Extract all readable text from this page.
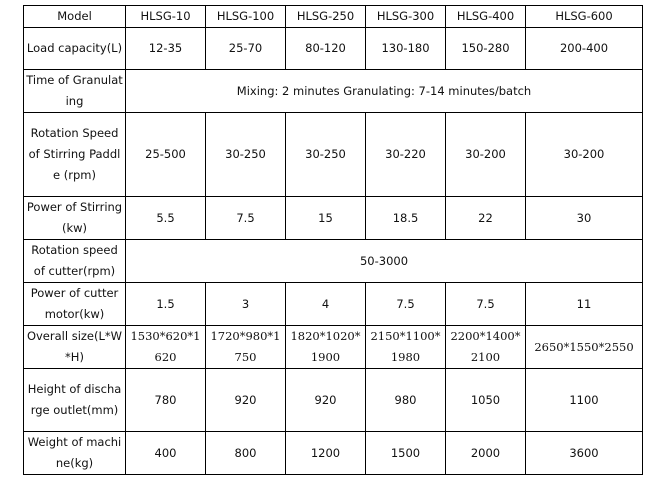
Model	HLSG-10	HLSG-100	HLSG-250	HLSG-300	HLSG-400	HLSG-600
Load capacity(L)	12-35	25-70	80-120	130-180	150-280	200-400
Time of Granulating	Mixing: 2 minutes Granulating: 7-14 minutes/batch					
Rotation Speed of Stirring Paddle (rpm)	25-500	30-250	30-250	30-220	30-200	30-200
Power of Stirring(kw)	5.5	7.5	15	18.5	22	30
Rotation speed of cutter(rpm)	50-3000					
Power of cutter motor(kw)	1.5	3	4	7.5	7.5	11
Overall size(L*W*H)	1530*620*1620	1720*980*1750	1820*1020*1900	2150*1100*1980	2200*1400*2100	2650*1550*2550
Height of discharge outlet(mm)	780	920	920	980	1050	1100
Weight of machine(kg)	400	800	1200	1500	2000	3600
